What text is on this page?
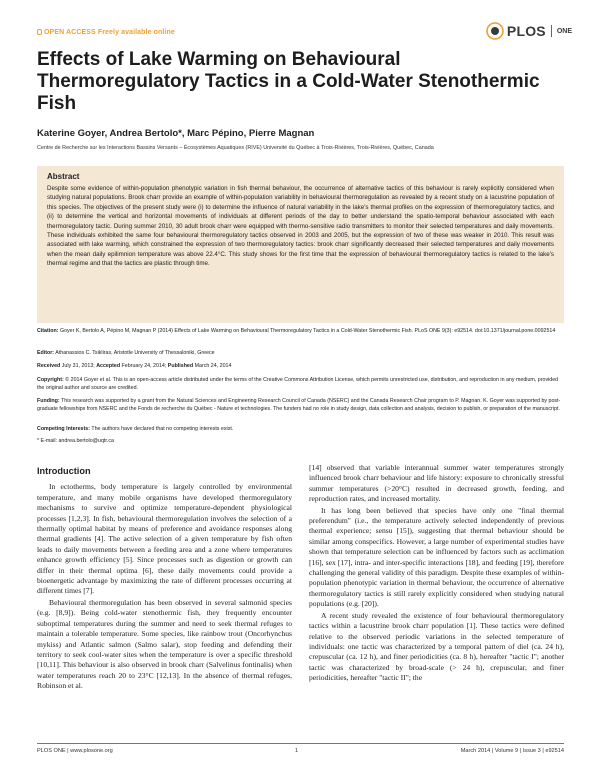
OPEN ACCESS Freely available online	PLOS ONE
Effects of Lake Warming on Behavioural Thermoregulatory Tactics in a Cold-Water Stenothermic Fish
Katerine Goyer, Andrea Bertolo*, Marc Pépino, Pierre Magnan
Centre de Recherche sur les Interactions Bassins Versants – Écosystèmes Aquatiques (RIVE) Université du Québec à Trois-Rivières, Trois-Rivières, Québec, Canada
Abstract
Despite some evidence of within-population phenotypic variation in fish thermal behaviour, the occurrence of alternative tactics of this behaviour is rarely explicitly considered when studying natural populations. Brook charr provide an example of within-population variability in behavioural thermoregulation as revealed by a recent study on a lacustrine population of this species. The objectives of the present study were (i) to determine the influence of natural variability in the lake's thermal profiles on the expression of thermoregulatory tactics, and (ii) to determine the vertical and horizontal movements of individuals at different periods of the day to better understand the spatio-temporal behaviour associated with each thermoregulatory tactic. During summer 2010, 30 adult brook charr were equipped with thermo-sensitive radio transmitters to monitor their selected temperatures and daily movements. These individuals exhibited the same four behavioural thermoregulatory tactics observed in 2003 and 2005, but the expression of two of these was weaker in 2010. This result was associated with lake warming, which constrained the expression of two thermoregulatory tactics: brook charr significantly decreased their selected temperatures and daily movements when the mean daily epilimnion temperature was above 22.4°C. This study shows for the first time that the expression of behavioural thermoregulatory tactics is related to the lake's thermal regime and that the tactics are plastic through time.
Citation: Goyer K, Bertolo A, Pépino M, Magnan P (2014) Effects of Lake Warming on Behavioural Thermoregulatory Tactics in a Cold-Water Stenothermic Fish. PLoS ONE 9(3): e92514. doi:10.1371/journal.pone.0092514
Editor: Athanassios C. Tsikliras, Aristotle University of Thessaloniki, Greece
Received July 31, 2013; Accepted February 24, 2014; Published March 24, 2014
Copyright: © 2014 Goyer et al. This is an open-access article distributed under the terms of the Creative Commons Attribution License, which permits unrestricted use, distribution, and reproduction in any medium, provided the original author and source are credited.
Funding: This research was supported by a grant from the Natural Sciences and Engineering Research Council of Canada (NSERC) and the Canada Research Chair program to P. Magnan. K. Goyer was supported by post-graduate fellowships from NSERC and the Fonds de recherche du Québec - Nature et technologies. The funders had no role in study design, data collection and analysis, decision to publish, or preparation of the manuscript.
Competing Interests: The authors have declared that no competing interests exist.
* E-mail: andrea.bertolo@uqtr.ca
Introduction

In ectotherms, body temperature is largely controlled by environmental temperature, and many mobile organisms have developed thermoregulatory mechanisms to survive and optimize temperature-dependent physiological processes [1,2,3]. In fish, behavioural thermoregulation involves the selection of a thermally optimal habitat by means of preference and avoidance responses along thermal gradients [4]. The active selection of a given temperature by fish often leads to daily movements between a feeding area and a zone where temperatures enhance growth efficiency [5]. Since processes such as digestion or growth can differ in their thermal optima [6], these daily movements could provide a bioenergetic advantage by maximizing the rate of different processes occurring at different times [7].

Behavioural thermoregulation has been observed in several salmonid species (e.g. [8,9]). Being cold-water stenothermic fish, they frequently encounter suboptimal temperatures during the summer and need to seek thermal refuges to maintain a tolerable temperature. Some species, like rainbow trout (Oncorhynchus mykiss) and Atlantic salmon (Salmo salar), stop feeding and defending their territory to seek cool-water sites when the temperature is over a specific threshold [10,11]. This behaviour is also observed in brook charr (Salvelinus fontinalis) when water temperatures reach 20 to 23°C [12,13]. In the absence of thermal refuges, Robinson et al.

[14] observed that variable interannual summer water temperatures strongly influenced brook charr behaviour and life history: exposure to chronically stressful summer temperatures (>20°C) resulted in decreased growth, feeding, and reproduction rates, and increased mortality.

It has long been believed that species have only one "final thermal preferendum" (i.e., the temperature actively selected independently of previous thermal experience; sensu [15]), suggesting that thermal behaviour should be similar among conspecifics. However, a large number of experimental studies have shown that temperature selection can be influenced by factors such as acclimation [16], sex [17], intra- and inter-specific interactions [18], and feeding [19], therefore challenging the general validity of this paradigm. Despite these examples of within-population phenotypic variation in thermal behaviour, the occurrence of alternative thermoregulatory tactics is still rarely explicitly considered when studying natural populations (e.g. [20]).

A recent study revealed the existence of four behavioural thermoregulatory tactics within a lacustrine brook charr population [1]. These tactics were defined relative to the observed periodic variations in the selected temperature of individuals: one tactic was characterized by a temporal pattern of diel (ca. 24 h), crepuscular (ca. 12 h), and finer periodicities (ca. 8 h), hereafter "tactic I"; another tactic was characterized by broad-scale (> 24 h), crepuscular, and finer periodicities, hereafter "tactic II"; the

PLOS ONE | www.plosone.org	1	March 2014 | Volume 9 | Issue 3 | e92514
